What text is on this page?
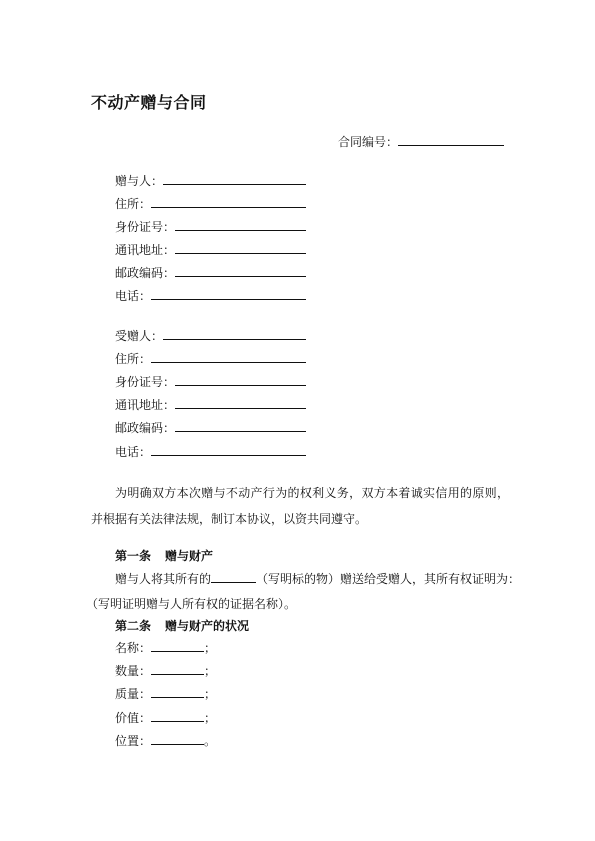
不动产赠与合同
合同编号：
赠与人：
住所：
身份证号：
通讯地址：
邮政编码：
电话：
受赠人：
住所：
身份证号：
通讯地址：
邮政编码：
电话：
为明确双方本次赠与不动产行为的权利义务，双方本着诚实信用的原则，并根据有关法律法规，制订本协议，以资共同遵守。
第一条 赠与财产
赠与人将其所有的	（写明标的物）赠送给受赠人，其所有权证明为：
（写明证明赠与人所有权的证据名称）。
第二条 赠与财产的状况
名称：	；
数量：	；
质量：	；
价值：	；
位置：	。
